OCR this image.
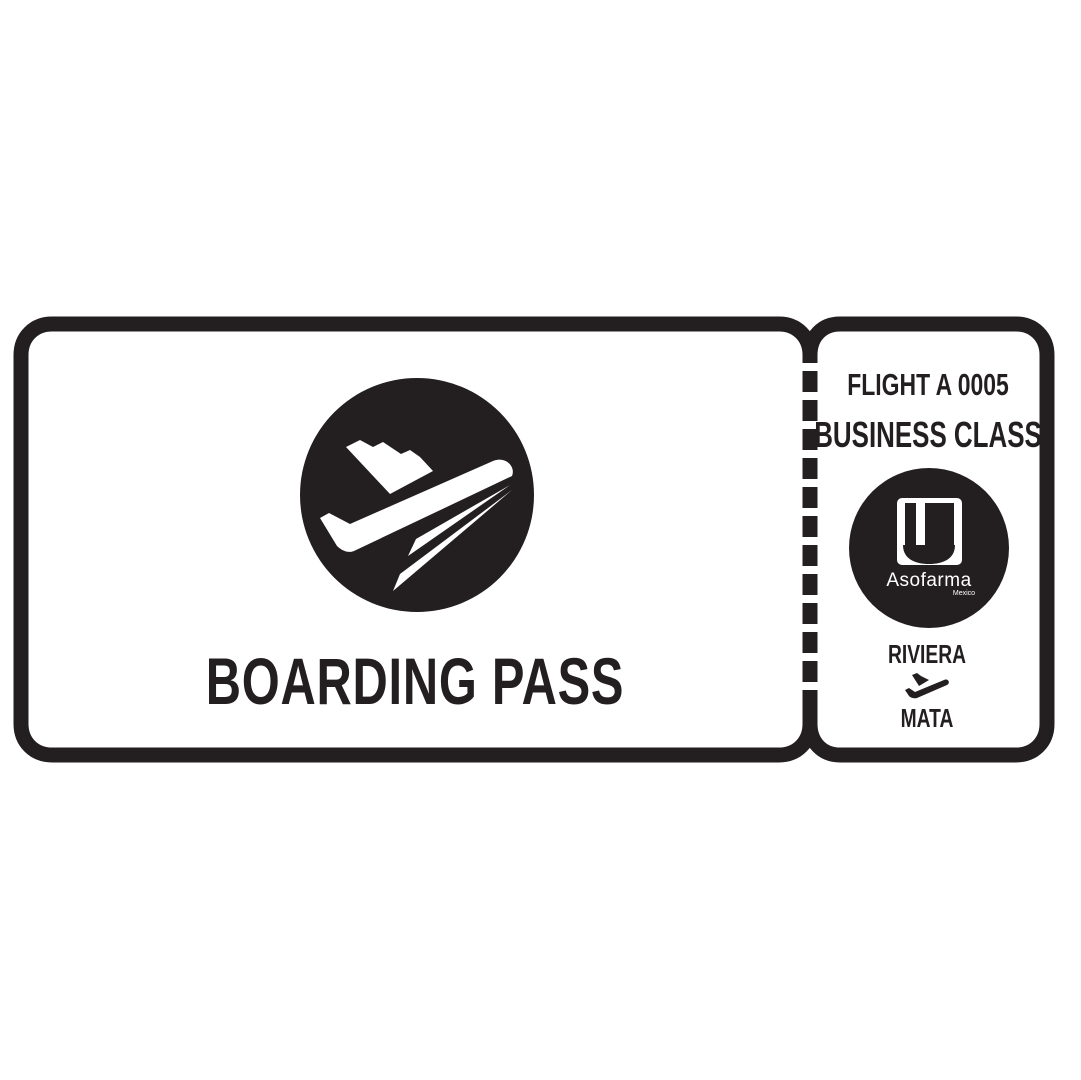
BOARDING PASS
FLIGHT A 0005
BUSINESS CLASS
Asofarma
Mexico
RIVIERA
MATA
